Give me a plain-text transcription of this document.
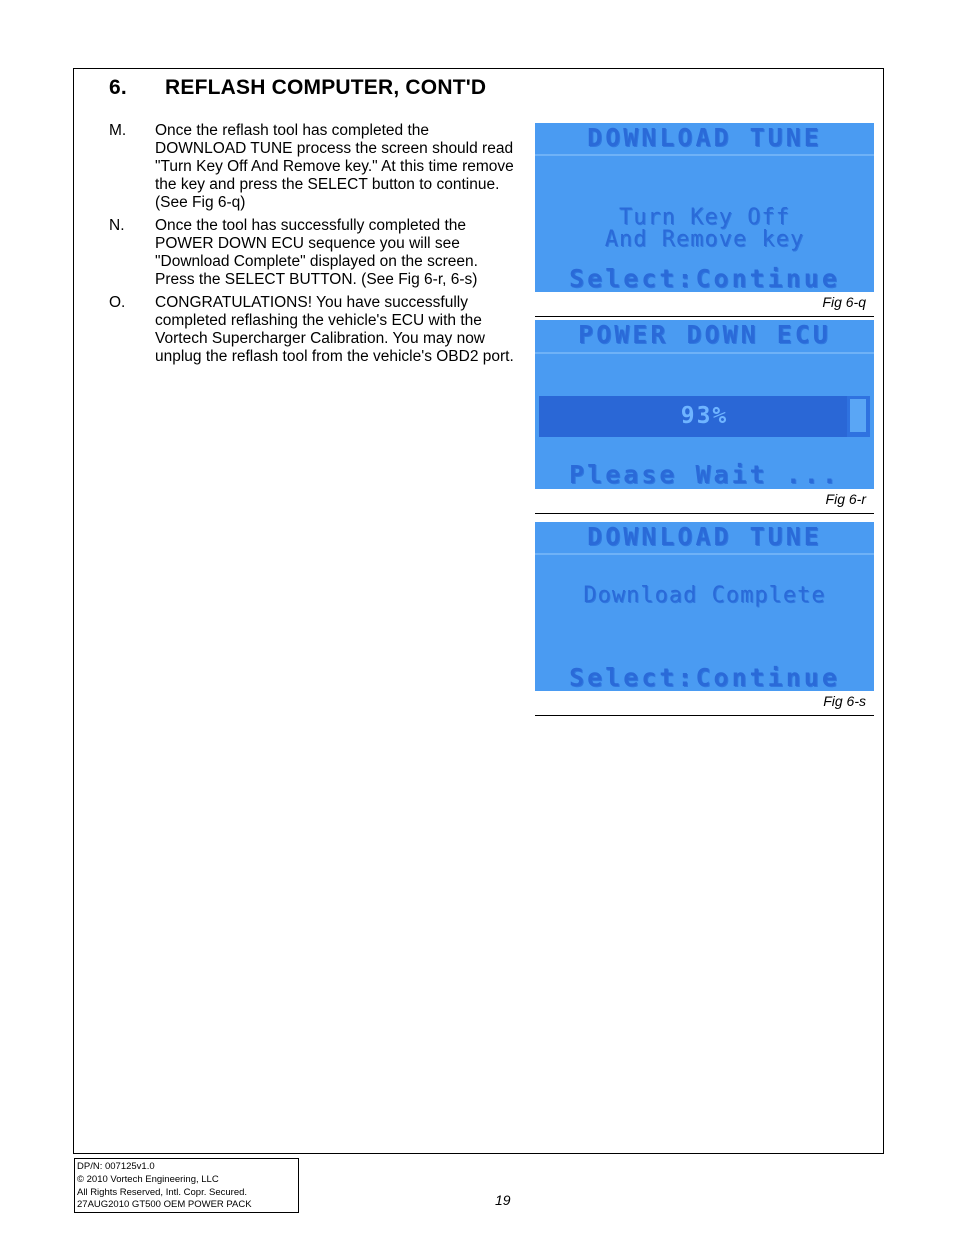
6. REFLASH COMPUTER, CONT'D
M.	Once the reflash tool has completed the DOWNLOAD TUNE process the screen should read "Turn Key Off And Remove key." At this time remove the key and press the SELECT button to continue. (See Fig 6-q)
N.	Once the tool has successfully completed the POWER DOWN ECU sequence you will see "Download Complete" displayed on the screen. Press the SELECT BUTTON. (See Fig 6-r, 6-s)
O.	CONGRATULATIONS! You have successfully completed reflashing the vehicle's ECU with the Vortech Supercharger Calibration. You may now unplug the reflash tool from the vehicle's OBD2 port.
DOWNLOAD TUNE
Turn Key Off
And Remove key
Select:Continue
Fig 6-q
POWER DOWN ECU
93%
Please Wait ...
Fig 6-r
DOWNLOAD TUNE
Download Complete
Select:Continue
Fig 6-s
DP/N: 007125v1.0
© 2010 Vortech Engineering, LLC
All Rights Reserved, Intl. Copr. Secured.
27AUG2010 GT500 OEM POWER PACK	19
